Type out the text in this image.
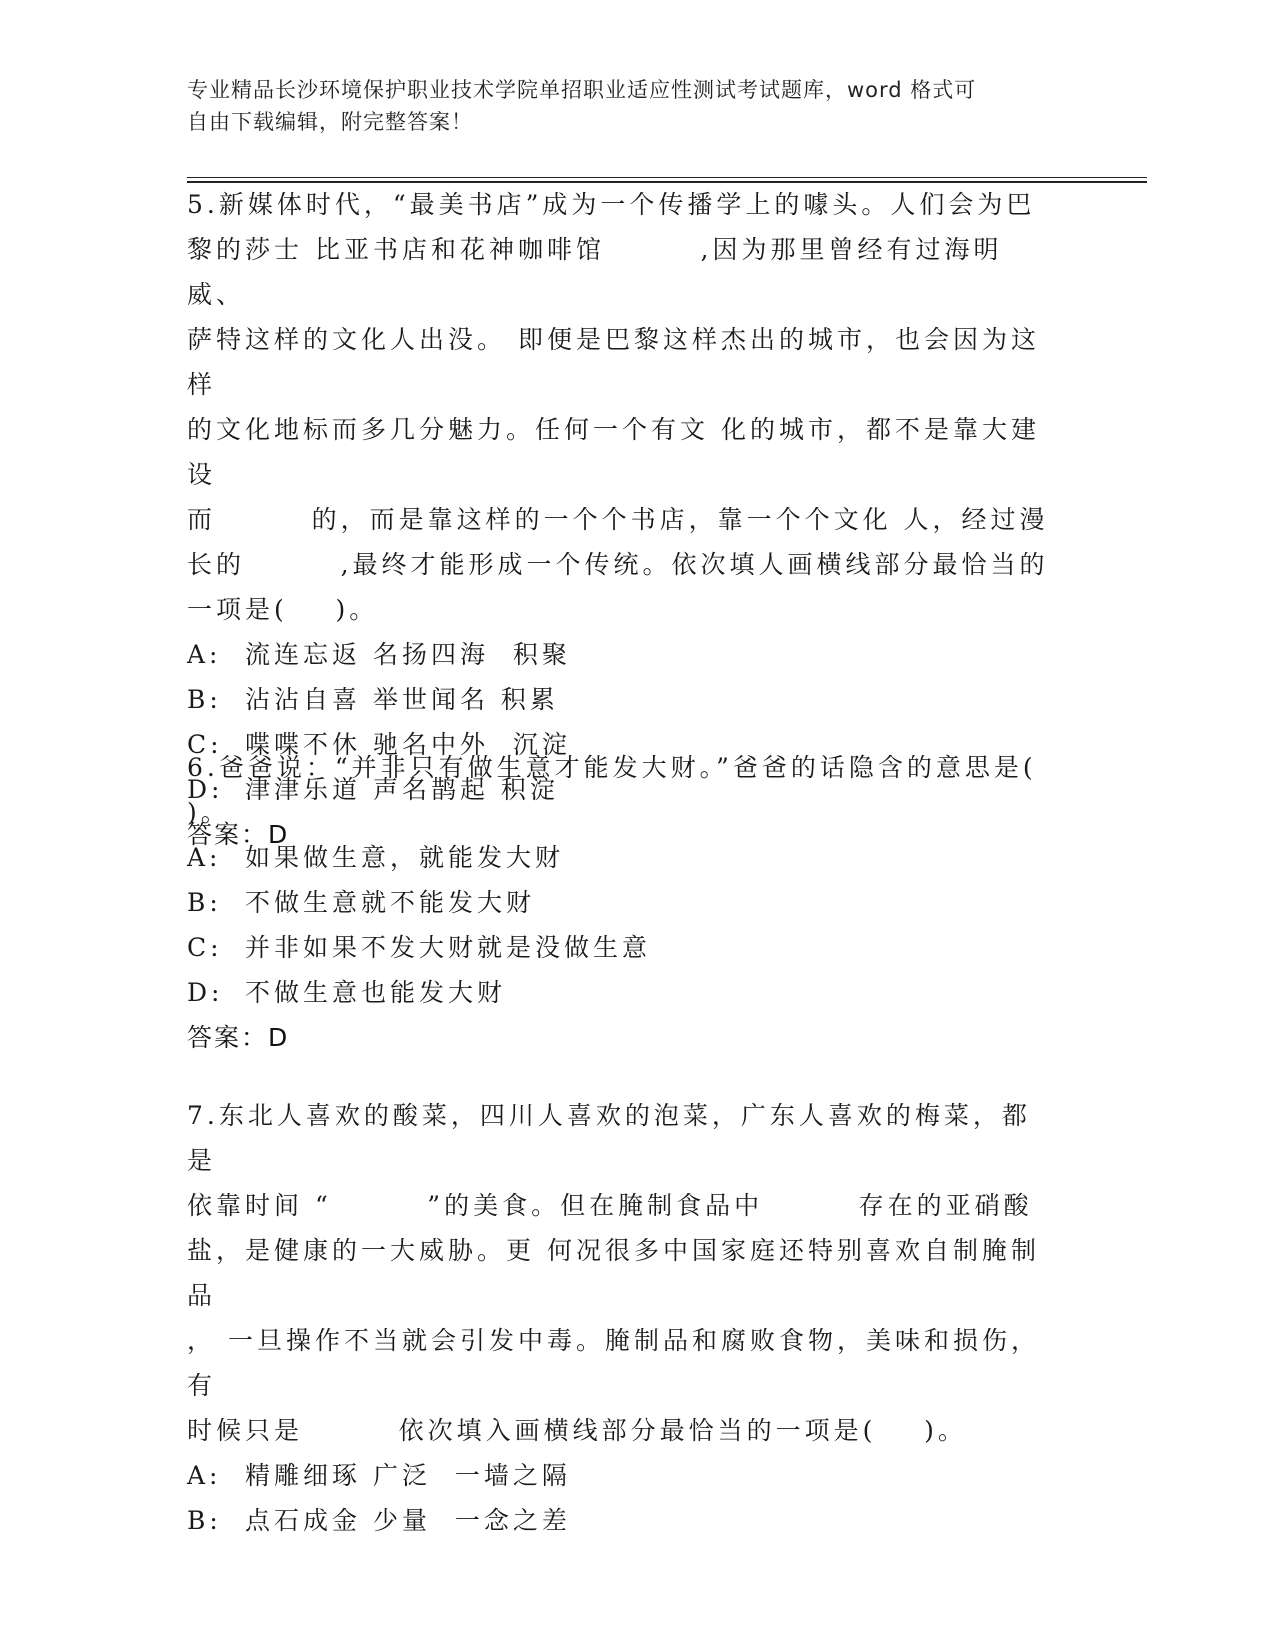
专业精品长沙环境保护职业技术学院单招职业适应性测试考试题库，word 格式可

自由下载编辑，附完整答案！

5.新媒体时代，“最美书店”成为一个传播学上的噱头。人们会为巴
黎的莎士 比亚书店和花神咖啡馆        ,因为那里曾经有过海明威、
萨特这样的文化人出没。 即便是巴黎这样杰出的城市，也会因为这样
的文化地标而多几分魅力。任何一个有文 化的城市，都不是靠大建设
而        的，而是靠这样的一个个书店，靠一个个文化 人，经过漫
长的        ,最终才能形成一个传统。依次填人画横线部分最恰当的
一项是(    )。

A: 流连忘返 名扬四海  积聚

B: 沾沾自喜 举世闻名 积累

C: 喋喋不休 驰名中外  沉淀

D: 津津乐道 声名鹊起 积淀

答案：D

6.爸爸说：“并非只有做生意才能发大财。”爸爸的话隐含的意思是(
)。

A: 如果做生意，就能发大财

B: 不做生意就不能发大财

C: 并非如果不发大财就是没做生意

D: 不做生意也能发大财

答案：D

7.东北人喜欢的酸菜，四川人喜欢的泡菜，广东人喜欢的梅菜，都是
依靠时间 “        ”的美食。但在腌制食品中        存在的亚硝酸
盐，是健康的一大威胁。更 何况很多中国家庭还特别喜欢自制腌制品
， 一旦操作不当就会引发中毒。腌制品和腐败食物，美味和损伤，有
时候只是        依次填入画横线部分最恰当的一项是(    )。

A: 精雕细琢 广泛  一墙之隔

B: 点石成金 少量  一念之差
